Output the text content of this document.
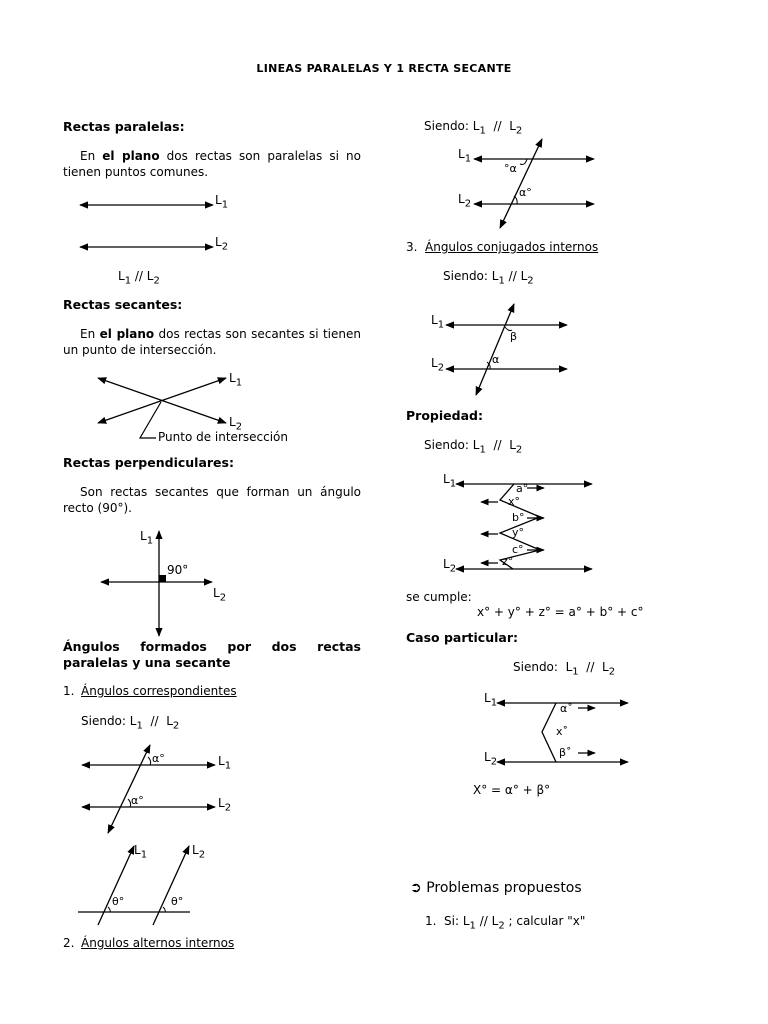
LINEAS PARALELAS Y 1 RECTA SECANTE
Rectas paralelas:
En el plano dos rectas son paralelas si no tienen puntos comunes.
$L_1$
$L_2$
$L_1 // L_2$
Rectas secantes:
En el plano dos rectas son secantes si tienen un punto de intersección.
$L_1$
$L_2$
Punto de intersección
Rectas perpendiculares:
Son rectas secantes que forman un ángulo recto (90°).
$L_1$
$L_2$
90°
Ángulos formados por dos rectas paralelas y una secante
1. Ángulos correspondientes
Siendo: $L_1 // L_2$
$L_1$
$L_2$
α°
α°
$L_1$	$L_2$
θ°	θ°
2. Ángulos alternos internos
Siendo: $L_1 // L_2$
$L_1$
$L_2$
°α
α°
3. Ángulos conjugados internos
Siendo: $L_1 // L_2$
$L_1$
$L_2$
β
α
Propiedad:
Siendo: $L_1 // L_2$
$L_1$
$L_2$
a°
x°
b°
y°
c°
z°
se cumple:
x° + y° + z° = a° + b° + c°
Caso particular:
Siendo: $L_1 // L_2$
$L_1$
$L_2$
α˚
x˚
β˚
X° = α° + β°
➲ Problemas propuestos
1. Si: $L_1 // L_2$ ; calcular "x"
